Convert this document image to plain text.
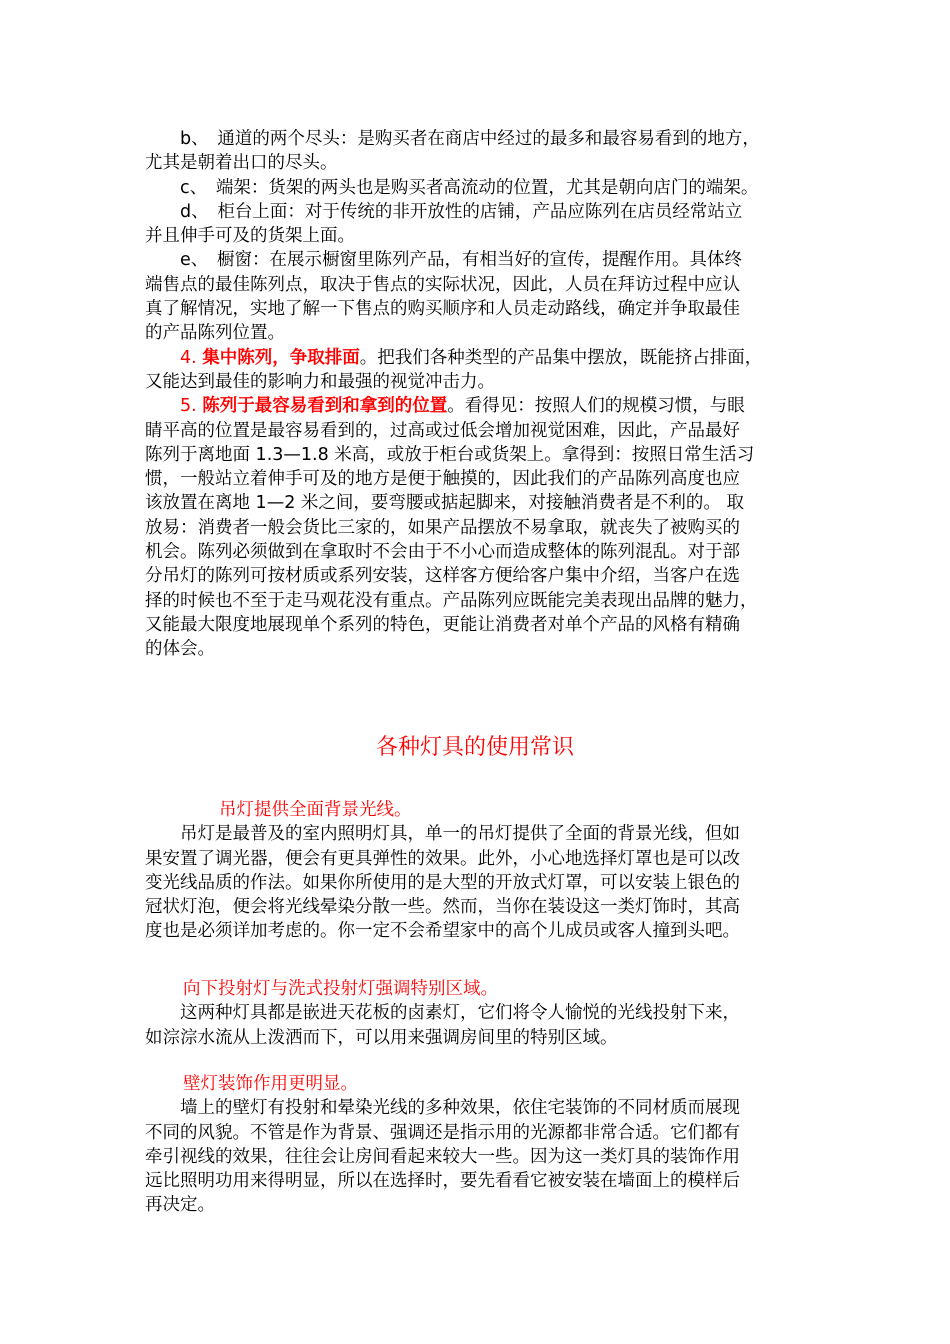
　　b、　通道的两个尽头：是购买者在商店中经过的最多和最容易看到的地方，
尤其是朝着出口的尽头。
　　c、　端架：货架的两头也是购买者高流动的位置，尤其是朝向店门的端架。
　　d、　柜台上面：对于传统的非开放性的店铺，产品应陈列在店员经常站立
并且伸手可及的货架上面。
　　e、　橱窗：在展示橱窗里陈列产品，有相当好的宣传，提醒作用。具体终
端售点的最佳陈列点，取决于售点的实际状况，因此，人员在拜访过程中应认
真了解情况，实地了解一下售点的购买顺序和人员走动路线，确定并争取最佳
的产品陈列位置。
　　4. 集中陈列，争取排面。把我们各种类型的产品集中摆放，既能挤占排面，
又能达到最佳的影响力和最强的视觉冲击力。
　　5. 陈列于最容易看到和拿到的位置。看得见：按照人们的规模习惯，与眼
睛平高的位置是最容易看到的，过高或过低会增加视觉困难，因此，产品最好
陈列于离地面 1.3—1.8 米高，或放于柜台或货架上。拿得到：按照日常生活习
惯，一般站立着伸手可及的地方是便于触摸的，因此我们的产品陈列高度也应
该放置在离地 1—2 米之间，要弯腰或掂起脚来，对接触消费者是不利的。 取
放易：消费者一般会货比三家的，如果产品摆放不易拿取，就丧失了被购买的
机会。陈列必须做到在拿取时不会由于不小心而造成整体的陈列混乱。对于部
分吊灯的陈列可按材质或系列安装，这样客方便给客户集中介绍，当客户在选
择的时候也不至于走马观花没有重点。产品陈列应既能完美表现出品牌的魅力，
又能最大限度地展现单个系列的特色，更能让消费者对单个产品的风格有精确
的体会。
各种灯具的使用常识
吊灯提供全面背景光线。
　　吊灯是最普及的室内照明灯具，单一的吊灯提供了全面的背景光线，但如
果安置了调光器，便会有更具弹性的效果。此外，小心地选择灯罩也是可以改
变光线品质的作法。如果你所使用的是大型的开放式灯罩，可以安装上银色的
冠状灯泡，便会将光线晕染分散一些。然而，当你在装设这一类灯饰时，其高
度也是必须详加考虑的。你一定不会希望家中的高个儿成员或客人撞到头吧。
向下投射灯与洗式投射灯强调特别区域。
　　这两种灯具都是嵌进天花板的卤素灯，它们将令人愉悦的光线投射下来，
如淙淙水流从上泼洒而下，可以用来强调房间里的特别区域。
壁灯装饰作用更明显。
　　墙上的壁灯有投射和晕染光线的多种效果，依住宅装饰的不同材质而展现
不同的风貌。不管是作为背景、强调还是指示用的光源都非常合适。它们都有
牵引视线的效果，往往会让房间看起来较大一些。因为这一类灯具的装饰作用
远比照明功用来得明显，所以在选择时，要先看看它被安装在墙面上的模样后
再决定。
